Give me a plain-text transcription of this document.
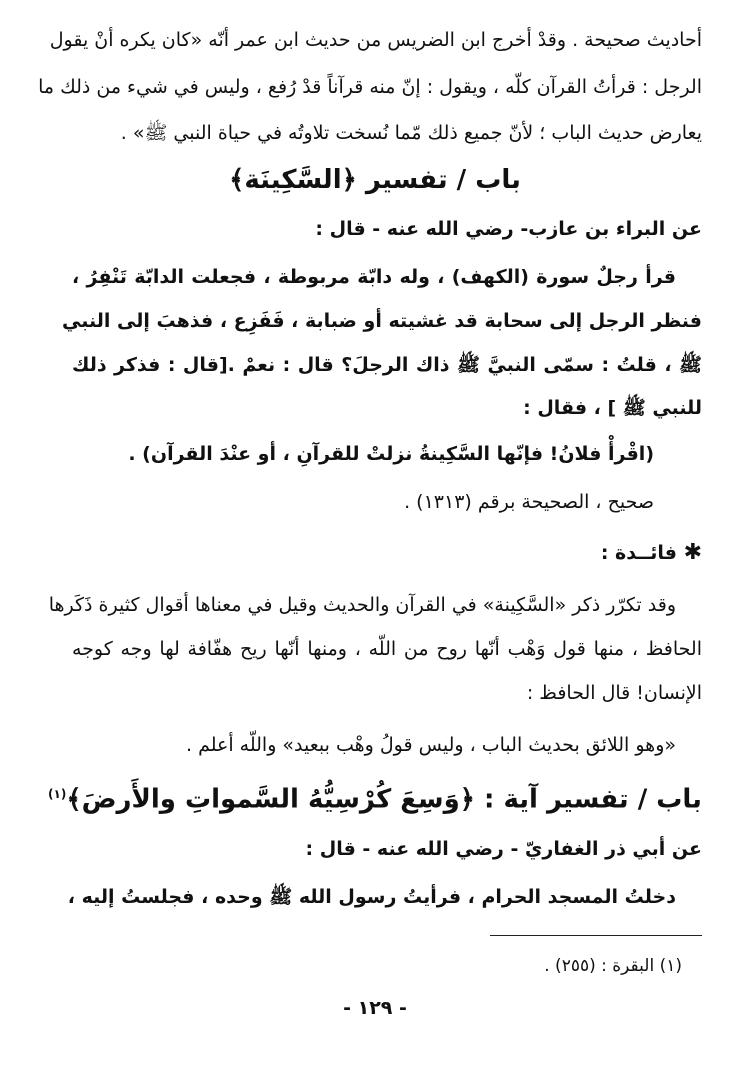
أحاديث صحيحة . وقدْ أخرج ابن الضريس من حديث ابن عمر أنّه «كان يكره أنْ يقول
الرجل : قرأتُ القرآن كلّه ، ويقول : إنّ منه قرآناً قدْ رُفع ، وليس في شيء من ذلك ما
يعارض حديث الباب ؛ لأنّ جميع ذلك مّما نُسخت تلاوتُه في حياة النبي ﷺ» .
باب / تفسير ﴿السَّكِينَة﴾
عن البراء بن عازب- رضي الله عنه - قال :
قرأ رجلٌ سورة (الكهف) ، وله دابّة مربوطة ، فجعلت الدابّة تَنْفِرُ ،
فنظر الرجل إلى سحابة قد غشيته أو ضبابة ، فَفَزِع ، فذهبَ إلى النبي
ﷺ ، قلتُ : سمّى النبيَّ ﷺ ذاك الرجلَ؟ قال : نعمْ .[قال : فذكر ذلك
للنبي ﷺ ] ، فقال :
(اقْرأْ فلانُ! فإنّها السَّكِينةُ نزلتْ للقرآنِ ، أو عنْدَ القرآن) .
صحيح ، الصحيحة برقم (١٣١٣) .
✱ فائــدة :
وقد تكرّر ذكر «السَّكِينة» في القرآن والحديث وقيل في معناها أقوال كثيرة ذَكَرها
الحافظ ، منها قول وَهْب أنّها روح من اللّه ، ومنها أنّها ريح هفّافة لها وجه كوجه
الإنسان! قال الحافظ :
«وهو اللائق بحديث الباب ، وليس قولُ وهْب ببعيد» واللّه أعلم .
باب / تفسير آية : ﴿وَسِعَ كُرْسِيُّهُ السَّمواتِ والأَرضَ﴾$^{(١)}$
عن أبي ذر الغفاريّ - رضي الله عنه - قال :
دخلتُ المسجد الحرام ، فرأيتُ رسول الله ﷺ وحده ، فجلستُ إليه ،
(١) البقرة : (٢٥٥) .
- ١٢٩ -
